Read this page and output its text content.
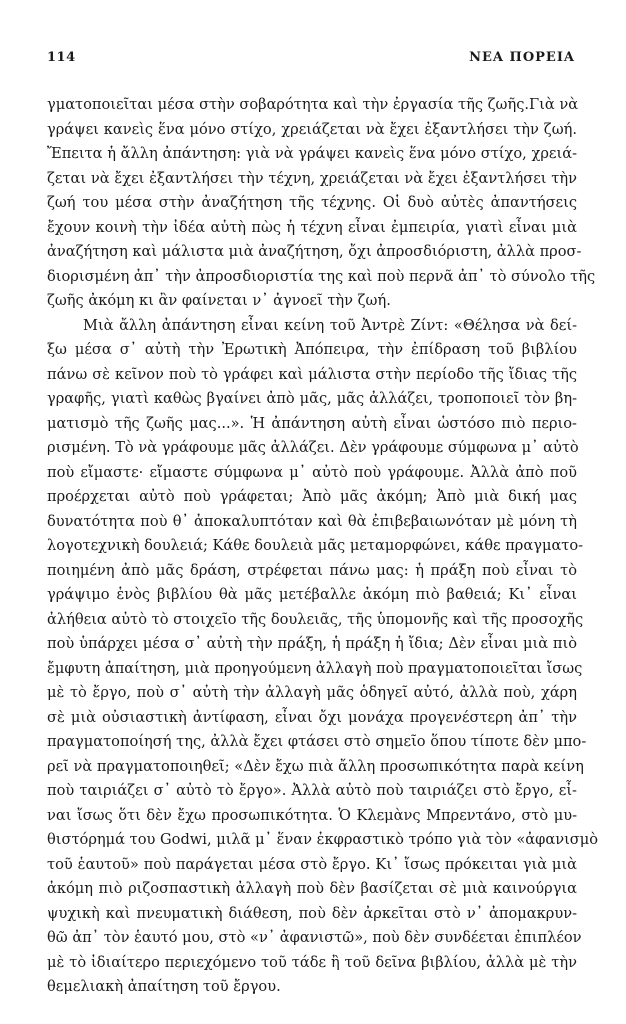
114	ΝΕΑ ΠΟΡΕΙΑ
γματοποιεῖται μέσα στὴν σοβαρότητα καὶ τὴν ἐργασία τῆς ζωῆς.Γιὰ νὰ
γράψει κανεὶς ἕνα μόνο στίχο, χρειάζεται νὰ ἔχει ἐξαντλήσει τὴν ζωή.
Ἔπειτα ἡ ἄλλη ἀπάντηση: γιὰ νὰ γράψει κανεὶς ἕνα μόνο στίχο, χρειά-
ζεται νὰ ἔχει ἐξαντλήσει τὴν τέχνη, χρειάζεται νὰ ἔχει ἐξαντλήσει τὴν
ζωή του μέσα στὴν ἀναζήτηση τῆς τέχνης. Οἱ δυὸ αὐτὲς ἀπαντήσεις
ἔχουν κοινὴ τὴν ἰδέα αὐτὴ πὼς ἡ τέχνη εἶναι ἐμπειρία, γιατὶ εἶναι μιὰ
ἀναζήτηση καὶ μάλιστα μιὰ ἀναζήτηση, ὄχι ἀπροσδιόριστη, ἀλλὰ προσ-
διορισμένη ἀπ᾽ τὴν ἀπροσδιοριστία της καὶ ποὺ περνᾶ ἀπ᾽ τὸ σύνολο τῆς
ζωῆς ἀκόμη κι ἂν φαίνεται ν᾽ ἀγνοεῖ τὴν ζωή.
Μιὰ ἄλλη ἀπάντηση εἶναι κείνη τοῦ Ἀντρὲ Ζίντ: «Θέλησα νὰ δεί-
ξω μέσα σ᾽ αὐτὴ τὴν Ἐρωτικὴ Ἀπόπειρα, τὴν ἐπίδραση τοῦ βιβλίου
πάνω σὲ κεῖνον ποὺ τὸ γράφει καὶ μάλιστα στὴν περίοδο τῆς ἴδιας τῆς
γραφῆς, γιατὶ καθὼς βγαίνει ἀπὸ μᾶς, μᾶς ἀλλάζει, τροποποιεῖ τὸν βη-
ματισμὸ τῆς ζωῆς μας...». Ἡ ἀπάντηση αὐτὴ εἶναι ὡστόσο πιὸ περιο-
ρισμένη. Τὸ νὰ γράφουμε μᾶς ἀλλάζει. Δὲν γράφουμε σύμφωνα μ᾽ αὐτὸ
ποὺ εἴμαστε· εἴμαστε σύμφωνα μ᾽ αὐτὸ ποὺ γράφουμε. Ἀλλὰ ἀπὸ ποῦ
προέρχεται αὐτὸ ποὺ γράφεται; Ἀπὸ μᾶς ἀκόμη; Ἀπὸ μιὰ δική μας
δυνατότητα ποὺ θ᾽ ἀποκαλυπτόταν καὶ θὰ ἐπιβεβαιωνόταν μὲ μόνη τὴ
λογοτεχνικὴ δουλειά; Κάθε δουλειὰ μᾶς μεταμορφώνει, κάθε πραγματο-
ποιημένη ἀπὸ μᾶς δράση, στρέφεται πάνω μας: ἡ πράξη ποὺ εἶναι τὸ
γράψιμο ἑνὸς βιβλίου θὰ μᾶς μετέβαλλε ἀκόμη πιὸ βαθειά; Κι᾽ εἶναι
ἀλήθεια αὐτὸ τὸ στοιχεῖο τῆς δουλειᾶς, τῆς ὑπομονῆς καὶ τῆς προσοχῆς
ποὺ ὑπάρχει μέσα σ᾽ αὐτὴ τὴν πράξη, ἡ πράξη ἡ ἴδια; Δὲν εἶναι μιὰ πιὸ
ἔμφυτη ἀπαίτηση, μιὰ προηγούμενη ἀλλαγὴ ποὺ πραγματοποιεῖται ἴσως
μὲ τὸ ἔργο, ποὺ σ᾽ αὐτὴ τὴν ἀλλαγὴ μᾶς ὁδηγεῖ αὐτό, ἀλλὰ ποὺ, χάρη
σὲ μιὰ οὐσιαστικὴ ἀντίφαση, εἶναι ὄχι μονάχα προγενέστερη ἀπ᾽ τὴν
πραγματοποίησή της, ἀλλὰ ἔχει φτάσει στὸ σημεῖο ὅπου τίποτε δὲν μπο-
ρεῖ νὰ πραγματοποιηθεῖ; «Δὲν ἔχω πιὰ ἄλλη προσωπικότητα παρὰ κείνη
ποὺ ταιριάζει σ᾽ αὐτὸ τὸ ἔργο». Ἀλλὰ αὐτὸ ποὺ ταιριάζει στὸ ἔργο, εἶ-
ναι ἴσως ὅτι δὲν ἔχω προσωπικότητα. Ὁ Κλεμὰνς Μπρεντάνο, στὸ μυ-
θιστόρημά του Godwi, μιλᾶ μ᾽ ἕναν ἐκφραστικὸ τρόπο γιὰ τὸν «ἀφανισμὸ
τοῦ ἑαυτοῦ» ποὺ παράγεται μέσα στὸ ἔργο. Κι᾽ ἴσως πρόκειται γιὰ μιὰ
ἀκόμη πιὸ ριζοσπαστικὴ ἀλλαγὴ ποὺ δὲν βασίζεται σὲ μιὰ καινούργια
ψυχικὴ καὶ πνευματικὴ διάθεση, ποὺ δὲν ἀρκεῖται στὸ ν᾽ ἀπομακρυν-
θῶ ἀπ᾽ τὸν ἑαυτό μου, στὸ «ν᾽ ἀφανιστῶ», ποὺ δὲν συνδέεται ἐπιπλέον
μὲ τὸ ἰδιαίτερο περιεχόμενο τοῦ τάδε ἢ τοῦ δεῖνα βιβλίου, ἀλλὰ μὲ τὴν
θεμελιακὴ ἀπαίτηση τοῦ ἔργου.
